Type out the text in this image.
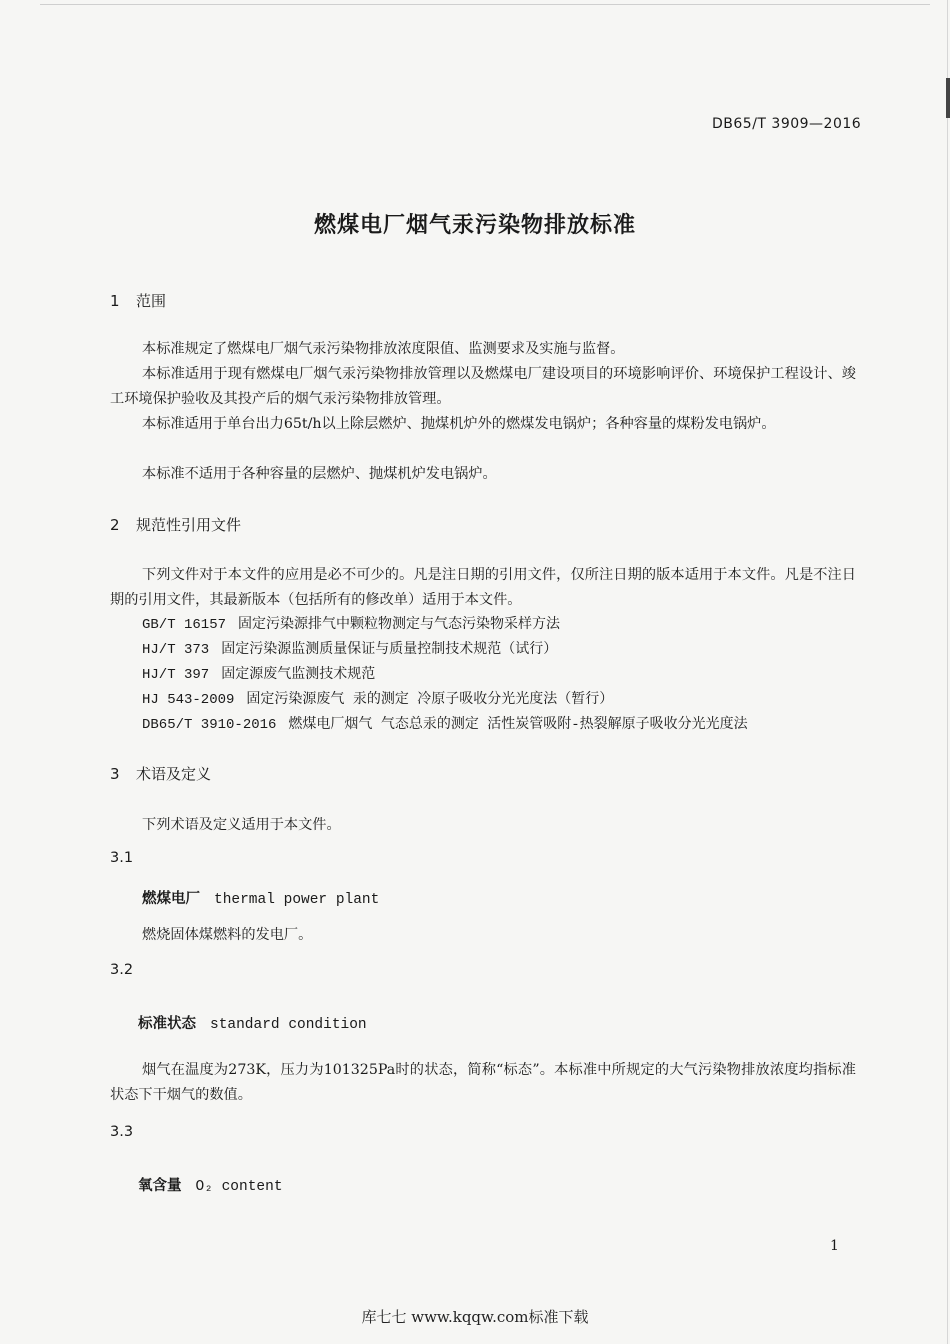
DB65/T 3909—2016
燃煤电厂烟气汞污染物排放标准
1 范围
本标准规定了燃煤电厂烟气汞污染物排放浓度限值、监测要求及实施与监督。
本标准适用于现有燃煤电厂烟气汞污染物排放管理以及燃煤电厂建设项目的环境影响评价、环境保护工程设计、竣工环境保护验收及其投产后的烟气汞污染物排放管理。
本标准适用于单台出力65t/h以上除层燃炉、抛煤机炉外的燃煤发电锅炉；各种容量的煤粉发电锅炉。
本标准不适用于各种容量的层燃炉、抛煤机炉发电锅炉。
2 规范性引用文件
下列文件对于本文件的应用是必不可少的。凡是注日期的引用文件，仅所注日期的版本适用于本文件。凡是不注日期的引用文件，其最新版本（包括所有的修改单）适用于本文件。
GB/T 16157 固定污染源排气中颗粒物测定与气态污染物采样方法
HJ/T 373 固定污染源监测质量保证与质量控制技术规范（试行）
HJ/T 397 固定源废气监测技术规范
HJ 543-2009 固定污染源废气 汞的测定 冷原子吸收分光光度法（暂行）
DB65/T 3910-2016 燃煤电厂烟气 气态总汞的测定 活性炭管吸附-热裂解原子吸收分光光度法
3 术语及定义
下列术语及定义适用于本文件。
3.1
燃煤电厂 thermal power plant
燃烧固体煤燃料的发电厂。
3.2
标准状态 standard condition
烟气在温度为273K，压力为101325Pa时的状态，简称“标态”。本标准中所规定的大气污染物排放浓度均指标准状态下干烟气的数值。
3.3
氧含量 O₂ content
1
库七七 www.kqqw.com标准下载
